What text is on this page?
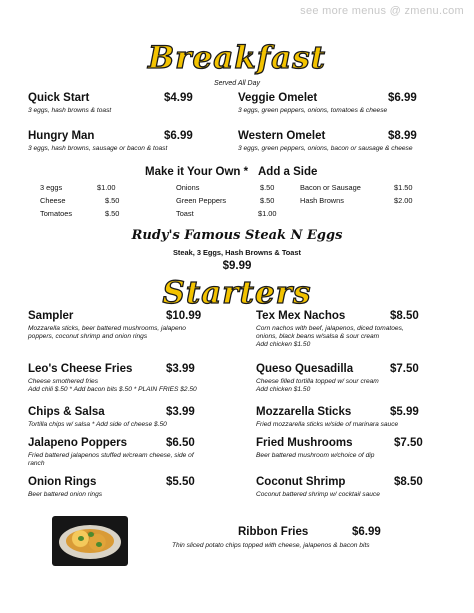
see more menus @ zmenu.com
Breakfast
Served All Day
Quick Start	$4.99
3 eggs, hash browns & toast
Veggie Omelet	$6.99
3 eggs, green peppers, onions, tomatoes & cheese
Hungry Man	$6.99
3 eggs, hash browns, sausage or bacon & toast
Western Omelet	$8.99
3 eggs, green peppers, onions, bacon or sausage & cheese
Make it Your Own * Add a Side
3 eggs	$1.00
Cheese	$.50
Tomatoes	$.50
Onions	$.50
Green Peppers	$.50
Toast	$1.00
Bacon or Sausage	$1.50
Hash Browns	$2.00
Rudy's Famous Steak N Eggs
Steak, 3 Eggs, Hash Browns & Toast
$9.99
Starters
Sampler	$10.99
Mozzarella sticks, beer battered mushrooms, jalapeno
poppers, coconut shrimp and onion rings
Leo's Cheese Fries	$3.99
Cheese smothered fries
Add chili $.50 * Add bacon bits $.50 * PLAIN FRIES $2.50
Chips & Salsa	$3.99
Tortilla chips w/ salsa * Add side of cheese $.50
Jalapeno Poppers	$6.50
Fried battered jalapenos stuffed w/cream cheese, side of
ranch
Onion Rings	$5.50
Beer battered onion rings
Tex Mex Nachos	$8.50
Corn nachos with beef, jalapenos, diced tomatoes,
onions, black beans w/salsa & sour cream
Add chicken $1.50
Queso Quesadilla	$7.50
Cheese filled tortilla topped w/ sour cream
Add chicken $1.50
Mozzarella Sticks	$5.99
Fried mozzarella sticks w/side of marinara sauce
Fried Mushrooms	$7.50
Beer battered mushroom w/choice of dip
Coconut Shrimp	$8.50
Coconut battered shrimp w/ cocktail sauce
Ribbon Fries	$6.99
Thin sliced potato chips topped with cheese, jalapenos & bacon bits
